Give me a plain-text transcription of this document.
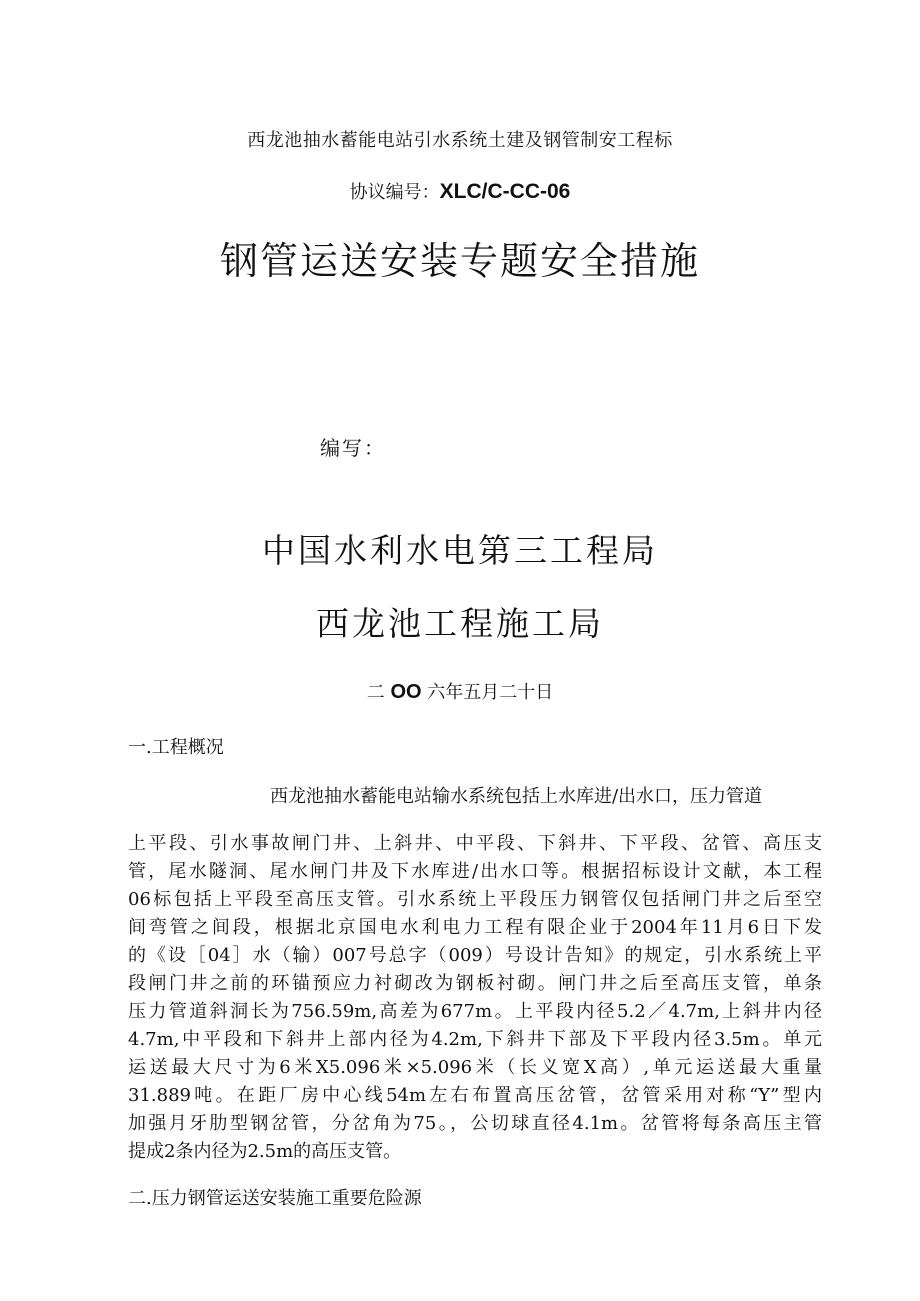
西龙池抽水蓄能电站引水系统土建及钢管制安工程标
协议编号：XLC/C-CC-06
钢管运送安装专题安全措施
编写：
中国水利水电第三工程局
西龙池工程施工局
二 OO 六年五月二十日
一.工程概况
西龙池抽水蓄能电站输水系统包括上水库进/出水口，压力管道
上平段、引水事故闸门井、上斜井、中平段、下斜井、下平段、岔管、高压支
管，尾水隧洞、尾水闸门井及下水库进/出水口等。根据招标设计文献，本工程
06标包括上平段至高压支管。引水系统上平段压力钢管仅包括闸门井之后至空
间弯管之间段，根据北京国电水利电力工程有限企业于2004年11月6日下发
的《设［04］水（输）007号总字（009）号设计告知》的规定，引水系统上平
段闸门井之前的环锚预应力衬砌改为钢板衬砌。闸门井之后至高压支管，单条
压力管道斜洞长为756.59m,高差为677m。上平段内径5.2／4.7m,上斜井内径
4.7m,中平段和下斜井上部内径为4.2m,下斜井下部及下平段内径3.5m。单元
运送最大尺寸为6米X5.096米×5.096米（长义宽X高）,单元运送最大重量
31.889吨。在距厂房中心线54m左右布置高压岔管，岔管采用对称“Y”型内
加强月牙肋型钢岔管，分岔角为75。，公切球直径4.1m。岔管将每条高压主管
提成2条内径为2.5m的高压支管。
二.压力钢管运送安装施工重要危险源
